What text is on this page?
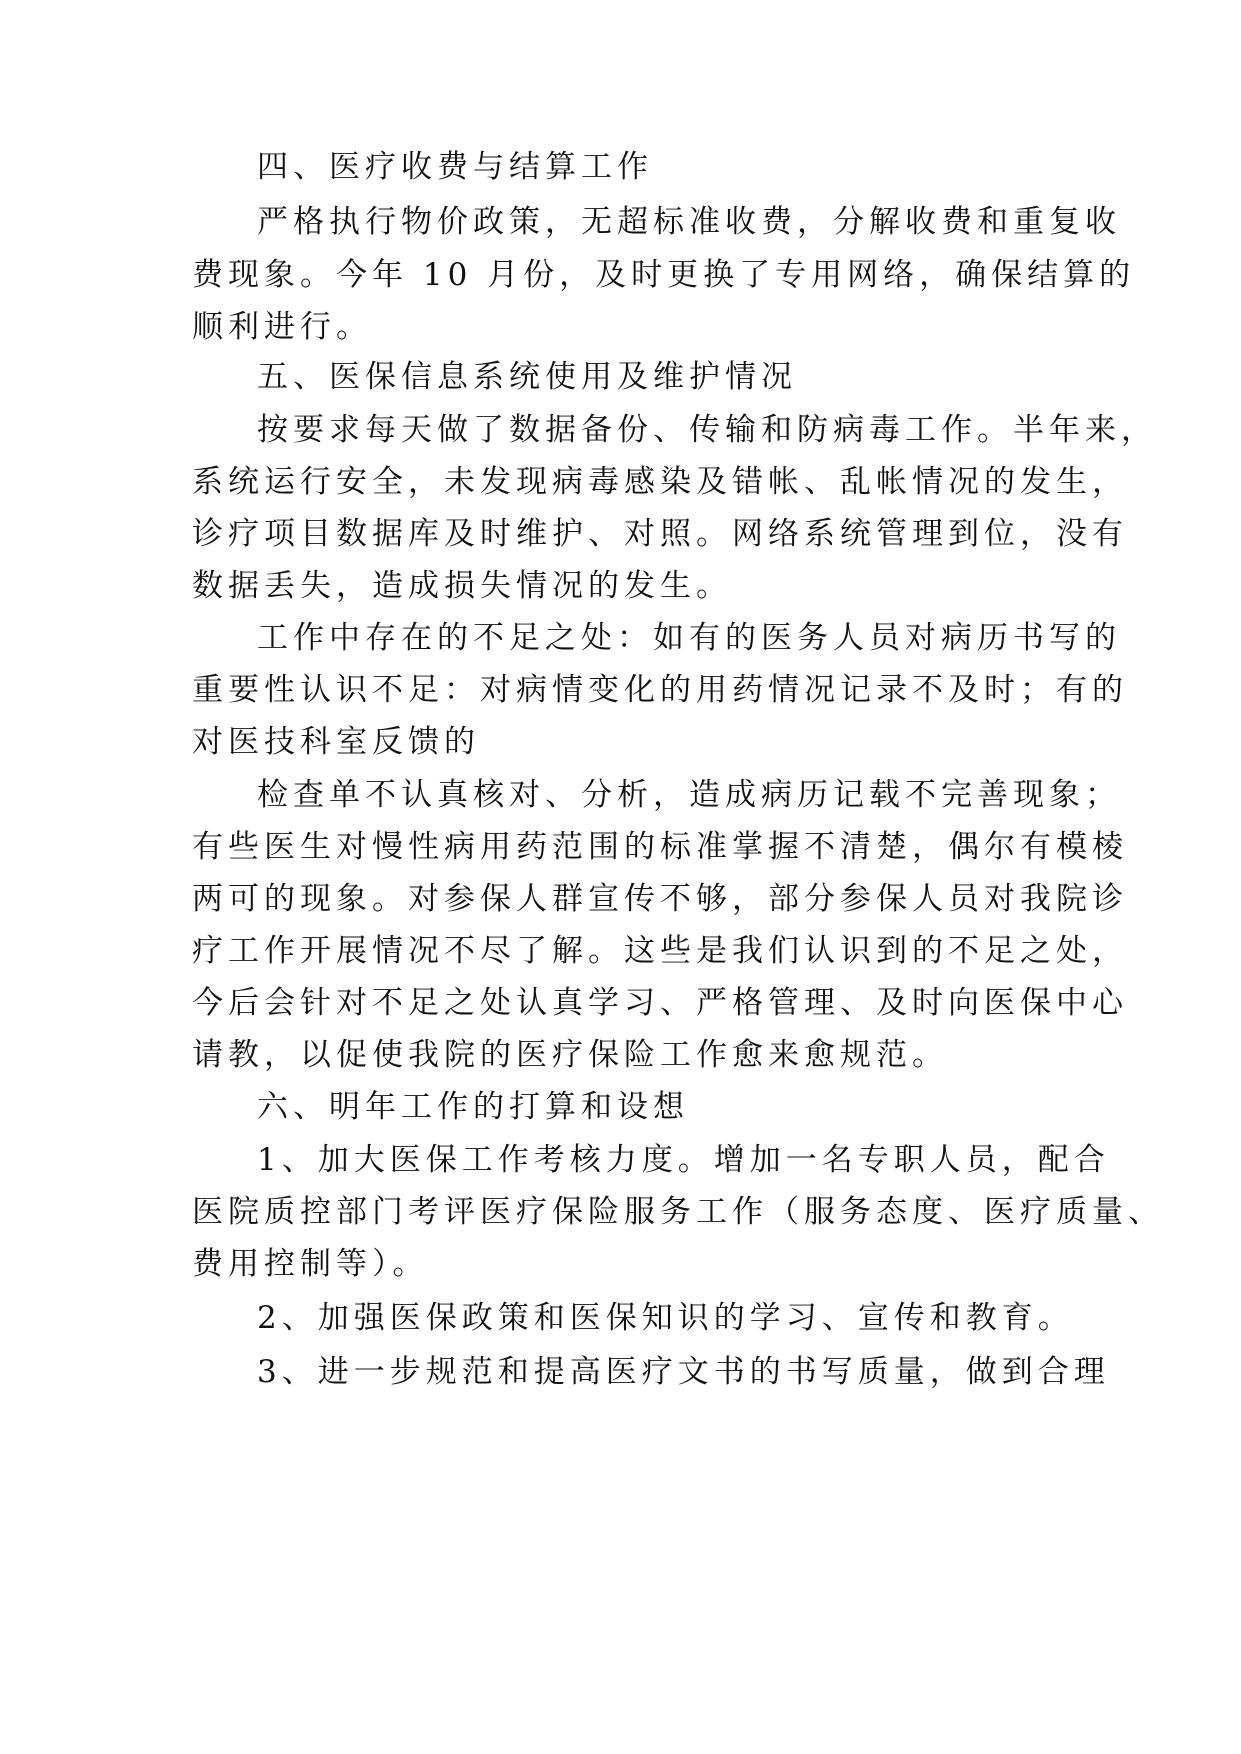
四、医疗收费与结算工作
严格执行物价政策，无超标准收费，分解收费和重复收
费现象。今年 10 月份，及时更换了专用网络，确保结算的
顺利进行。
五、医保信息系统使用及维护情况
按要求每天做了数据备份、传输和防病毒工作。半年来，
系统运行安全，未发现病毒感染及错帐、乱帐情况的发生，
诊疗项目数据库及时维护、对照。网络系统管理到位，没有
数据丢失，造成损失情况的发生。
工作中存在的不足之处：如有的医务人员对病历书写的
重要性认识不足：对病情变化的用药情况记录不及时；有的
对医技科室反馈的
检查单不认真核对、分析，造成病历记载不完善现象；
有些医生对慢性病用药范围的标准掌握不清楚，偶尔有模棱
两可的现象。对参保人群宣传不够，部分参保人员对我院诊
疗工作开展情况不尽了解。这些是我们认识到的不足之处，
今后会针对不足之处认真学习、严格管理、及时向医保中心
请教，以促使我院的医疗保险工作愈来愈规范。
六、明年工作的打算和设想
1、加大医保工作考核力度。增加一名专职人员，配合
医院质控部门考评医疗保险服务工作（服务态度、医疗质量、
费用控制等）。
2、加强医保政策和医保知识的学习、宣传和教育。
3、进一步规范和提高医疗文书的书写质量，做到合理
